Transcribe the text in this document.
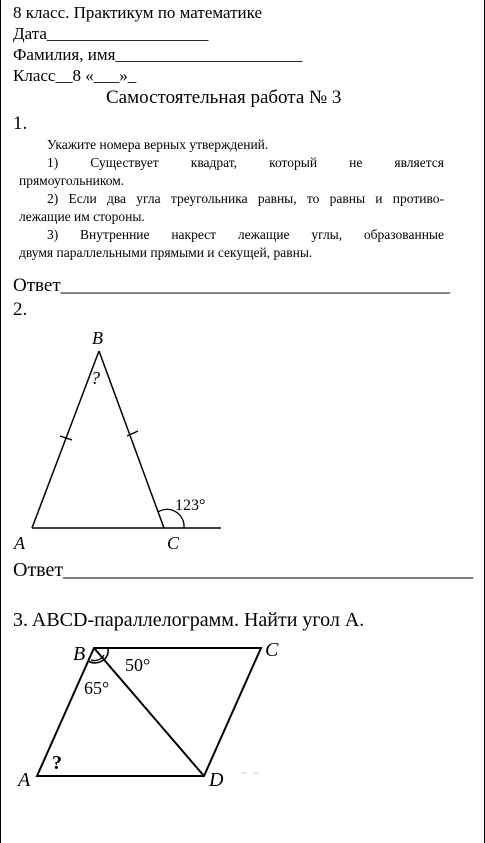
8 класс. Практикум по математике
Дата___________________
Фамилия, имя______________________
Класс__8 «___»_
Самостоятельная работа № 3
1.

Укажите номера верных утверждений.

1) Существует квадрат, который не является

прямоугольником.

2) Если два угла треугольника равны, то равны и противо-

лежащие им стороны.

3) Внутренние накрест лежащие углы, образованные

двумя параллельными прямыми и секущей, равны.

Ответ_________________________________________
2.
B
?
123°
A	C
Ответ_________________________________________
3. ABCD-параллелограмм. Найти угол А.
B	C
A	D
50°
65°
?
